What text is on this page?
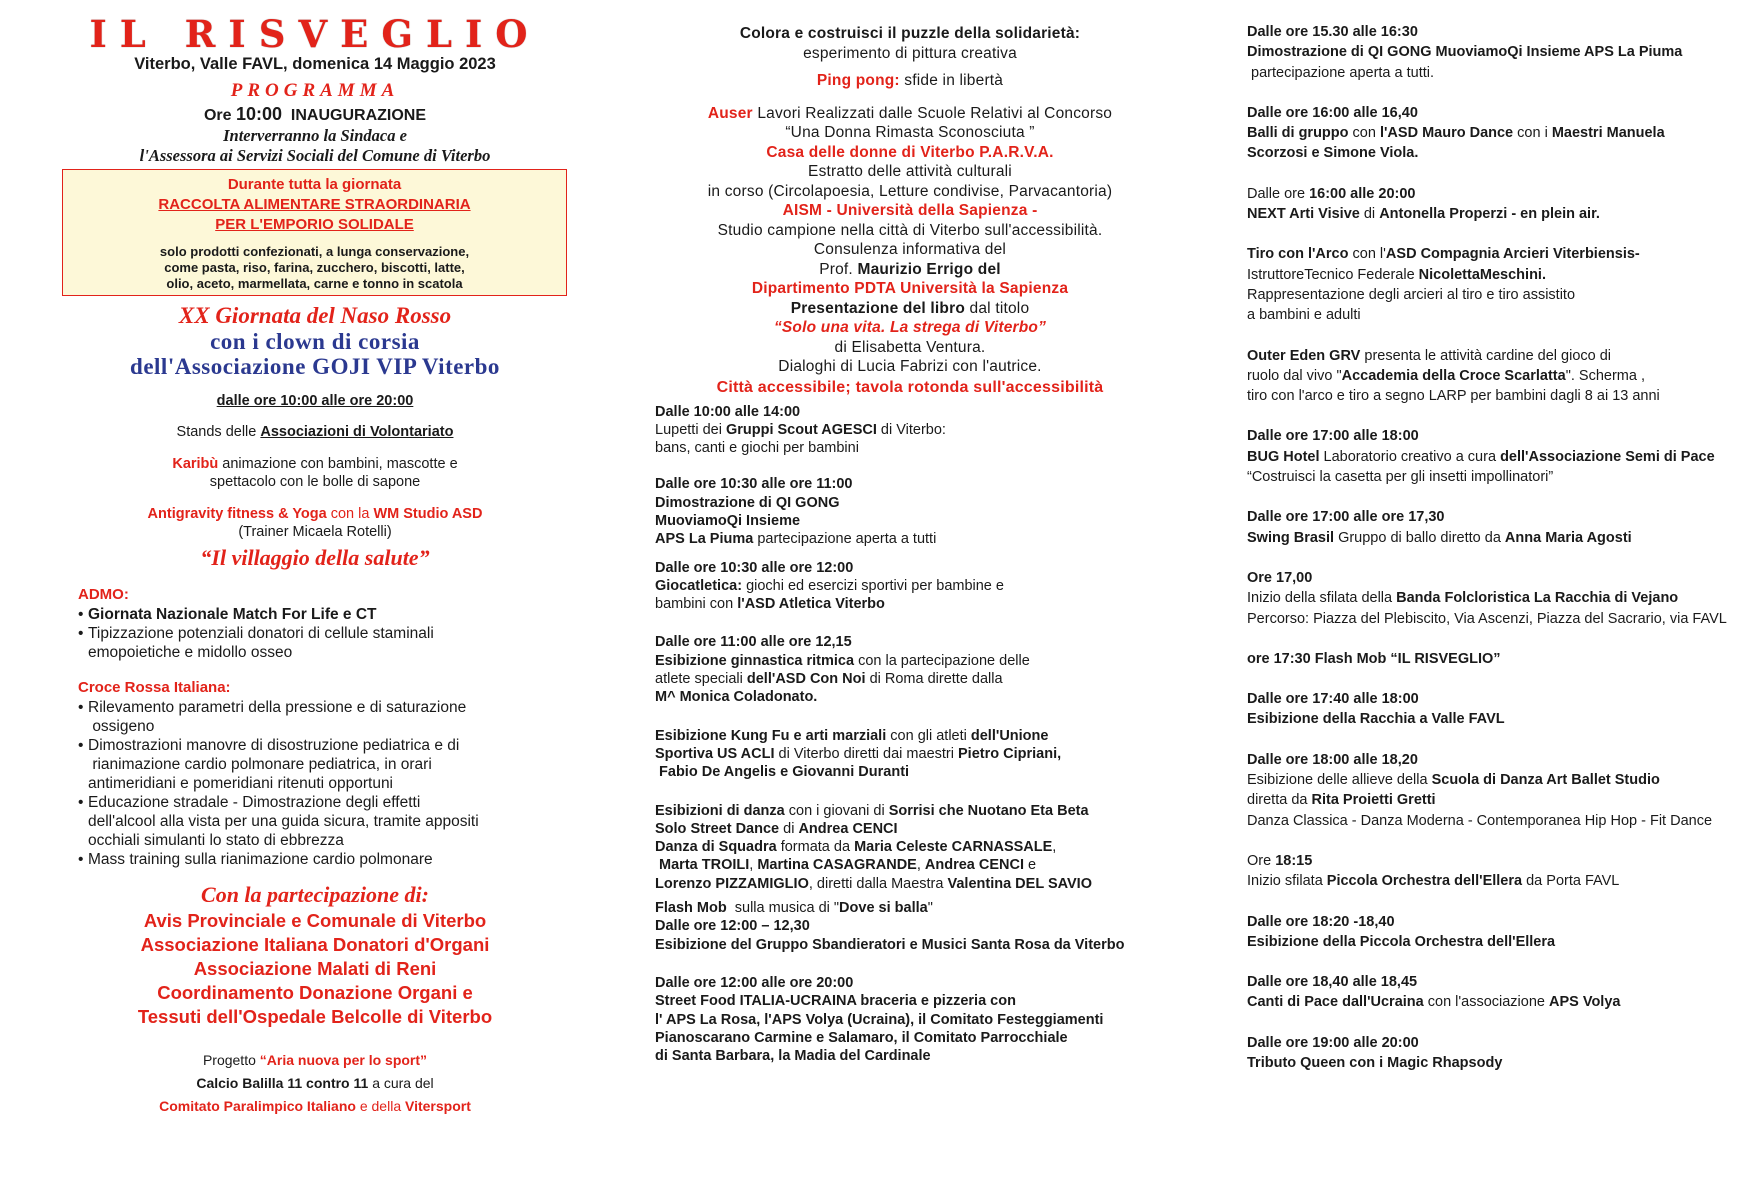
IL RISVEGLIO

Viterbo, Valle FAVL, domenica 14 Maggio 2023

PROGRAMMA

Ore 10:00 INAUGURAZIONE

Interverranno la Sindaca e

l'Assessora ai Servizi Sociali del Comune di Viterbo

Durante tutta la giornata

RACCOLTA ALIMENTARE STRAORDINARIA

PER L'EMPORIO SOLIDALE

solo prodotti confezionati, a lunga conservazione,

come pasta, riso, farina, zucchero, biscotti, latte,

olio, aceto, marmellata, carne e tonno in scatola

XX Giornata del Naso Rosso

con i clown di corsia

dell'Associazione GOJI VIP Viterbo

dalle ore 10:00 alle ore 20:00

Stands delle Associazioni di Volontariato

Karibù animazione con bambini, mascotte e

spettacolo con le bolle di sapone

Antigravity fitness & Yoga con la WM Studio ASD

(Trainer Micaela Rotelli)

“Il villaggio della salute”

ADMO:

• Giornata Nazionale Match For Life e CT
• Tipizzazione potenziali donatori di cellule staminali
emopoietiche e midollo osseo

Croce Rossa Italiana:

• Rilevamento parametri della pressione e di saturazione
ossigeno
• Dimostrazioni manovre di disostruzione pediatrica e di
rianimazione cardio polmonare pediatrica, in orari
antimeridiani e pomeridiani ritenuti opportuni
• Educazione stradale - Dimostrazione degli effetti
dell'alcool alla vista per una guida sicura, tramite appositi
occhiali simulanti lo stato di ebbrezza
• Mass training sulla rianimazione cardio polmonare

Con la partecipazione di:

Avis Provinciale e Comunale di Viterbo

Associazione Italiana Donatori d'Organi

Associazione Malati di Reni

Coordinamento Donazione Organi e

Tessuti dell'Ospedale Belcolle di Viterbo

Progetto “Aria nuova per lo sport”

Calcio Balilla 11 contro 11 a cura del

Comitato Paralimpico Italiano e della Vitersport

Colora e costruisci il puzzle della solidarietà:

esperimento di pittura creativa

Ping pong: sfide in libertà

Auser Lavori Realizzati dalle Scuole Relativi al Concorso

“Una Donna Rimasta Sconosciuta ”

Casa delle donne di Viterbo P.A.R.V.A.

Estratto delle attività culturali

in corso (Circolapoesia, Letture condivise, Parvacantoria)

AISM - Università della Sapienza -

Studio campione nella città di Viterbo sull'accessibilità.

Consulenza informativa del

Prof. Maurizio Errigo del

Dipartimento PDTA Università la Sapienza

Presentazione del libro dal titolo

“Solo una vita. La strega di Viterbo”

di Elisabetta Ventura.

Dialoghi di Lucia Fabrizi con l'autrice.

Città accessibile; tavola rotonda sull'accessibilità

Dalle 10:00 alle 14:00

Lupetti dei Gruppi Scout AGESCI di Viterbo:

bans, canti e giochi per bambini

Dalle ore 10:30 alle ore 11:00

Dimostrazione di QI GONG

MuoviamoQi Insieme

APS La Piuma partecipazione aperta a tutti

Dalle ore 10:30 alle ore 12:00

Giocatletica: giochi ed esercizi sportivi per bambine e

bambini con l'ASD Atletica Viterbo

Dalle ore 11:00 alle ore 12,15

Esibizione ginnastica ritmica con la partecipazione delle

atlete speciali dell'ASD Con Noi di Roma dirette dalla

M^ Monica Coladonato.

Esibizione Kung Fu e arti marziali con gli atleti dell'Unione

Sportiva US ACLI di Viterbo diretti dai maestri Pietro Cipriani,

Fabio De Angelis e Giovanni Duranti

Esibizioni di danza con i giovani di Sorrisi che Nuotano Eta Beta

Solo Street Dance di Andrea CENCI

Danza di Squadra formata da Maria Celeste CARNASSALE,

Marta TROILI, Martina CASAGRANDE, Andrea CENCI e

Lorenzo PIZZAMIGLIO, diretti dalla Maestra Valentina DEL SAVIO

Flash Mob sulla musica di "Dove si balla"

Dalle ore 12:00 – 12,30

Esibizione del Gruppo Sbandieratori e Musici Santa Rosa da Viterbo

Dalle ore 12:00 alle ore 20:00

Street Food ITALIA-UCRAINA braceria e pizzeria con

l' APS La Rosa, l'APS Volya (Ucraina), il Comitato Festeggiamenti

Pianoscarano Carmine e Salamaro, il Comitato Parrocchiale

di Santa Barbara, la Madia del Cardinale

Dalle ore 15.30 alle 16:30

Dimostrazione di QI GONG MuoviamoQi Insieme APS La Piuma

partecipazione aperta a tutti.

Dalle ore 16:00 alle 16,40

Balli di gruppo con l'ASD Mauro Dance con i Maestri Manuela

Scorzosi e Simone Viola.

Dalle ore 16:00 alle 20:00

NEXT Arti Visive di Antonella Properzi - en plein air.

Tiro con l'Arco con l'ASD Compagnia Arcieri Viterbiensis-

IstruttoreTecnico Federale NicolettaMeschini.

Rappresentazione degli arcieri al tiro e tiro assistito

a bambini e adulti

Outer Eden GRV presenta le attività cardine del gioco di

ruolo dal vivo "Accademia della Croce Scarlatta". Scherma ,

tiro con l'arco e tiro a segno LARP per bambini dagli 8 ai 13 anni

Dalle ore 17:00 alle 18:00

BUG Hotel Laboratorio creativo a cura dell'Associazione Semi di Pace

“Costruisci la casetta per gli insetti impollinatori”

Dalle ore 17:00 alle ore 17,30

Swing Brasil Gruppo di ballo diretto da Anna Maria Agosti

Ore 17,00

Inizio della sfilata della Banda Folcloristica La Racchia di Vejano

Percorso: Piazza del Plebiscito, Via Ascenzi, Piazza del Sacrario, via FAVL

ore 17:30 Flash Mob “IL RISVEGLIO”

Dalle ore 17:40 alle 18:00

Esibizione della Racchia a Valle FAVL

Dalle ore 18:00 alle 18,20

Esibizione delle allieve della Scuola di Danza Art Ballet Studio

diretta da Rita Proietti Gretti

Danza Classica - Danza Moderna - Contemporanea Hip Hop - Fit Dance

Ore 18:15

Inizio sfilata Piccola Orchestra dell'Ellera da Porta FAVL

Dalle ore 18:20 -18,40

Esibizione della Piccola Orchestra dell'Ellera

Dalle ore 18,40 alle 18,45

Canti di Pace dall'Ucraina con l'associazione APS Volya

Dalle ore 19:00 alle 20:00

Tributo Queen con i Magic Rhapsody
